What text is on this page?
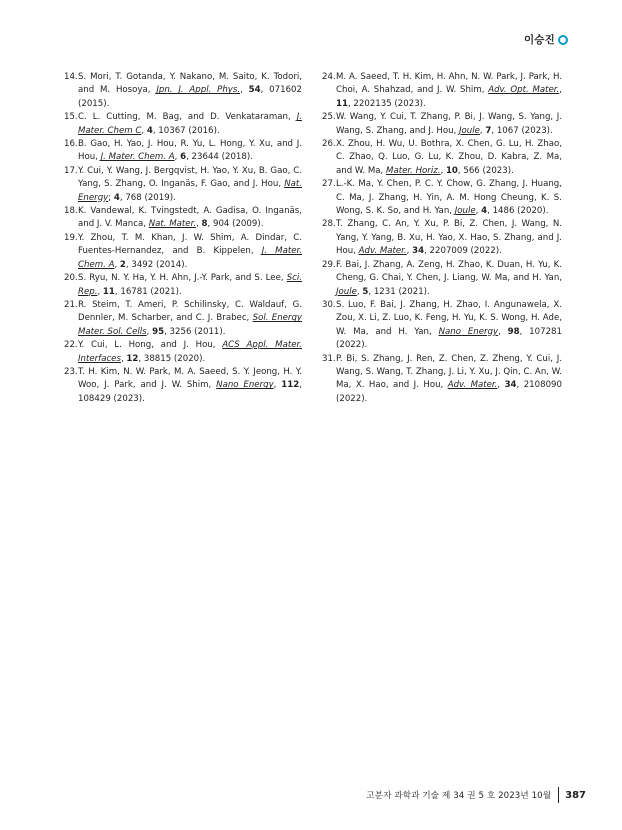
이승진
14. S. Mori, T. Gotanda, Y. Nakano, M. Saito, K. Todori, and M. Hosoya, Jpn. J. Appl. Phys., 54, 071602 (2015).
15. C. L. Cutting, M. Bag, and D. Venkataraman, J. Mater. Chem C, 4, 10367 (2016).
16. B. Gao, H. Yao, J. Hou, R. Yu, L. Hong, Y. Xu, and J. Hou, J. Mater. Chem. A, 6, 23644 (2018).
17. Y. Cui, Y. Wang, J. Bergqvist, H. Yao, Y. Xu, B. Gao, C. Yang, S. Zhang, O. Inganäs, F. Gao, and J. Hou, Nat. Energy; 4, 768 (2019).
18. K. Vandewal, K. Tvingstedt, A. Gadisa, O. Inganäs, and J. V. Manca, Nat. Mater., 8, 904 (2009).
19. Y. Zhou, T. M. Khan, J. W. Shim, A. Dindar, C. Fuentes-Hernandez, and B. Kippelen, J. Mater. Chem. A, 2, 3492 (2014).
20. S. Ryu, N. Y. Ha, Y. H. Ahn, J.-Y. Park, and S. Lee, Sci. Rep., 11, 16781 (2021).
21. R. Steim, T. Ameri, P. Schilinsky, C. Waldauf, G. Dennler, M. Scharber, and C. J. Brabec, Sol. Energy Mater. Sol. Cells, 95, 3256 (2011).
22. Y. Cui, L. Hong, and J. Hou, ACS Appl. Mater. Interfaces, 12, 38815 (2020).
23. T. H. Kim, N. W. Park, M. A. Saeed, S. Y. Jeong, H. Y. Woo, J. Park, and J. W. Shim, Nano Energy, 112, 108429 (2023).
24. M. A. Saeed, T. H. Kim, H. Ahn, N. W. Park, J. Park, H. Choi, A. Shahzad, and J. W. Shim, Adv. Opt. Mater., 11, 2202135 (2023).
25. W. Wang, Y. Cui, T. Zhang, P. Bi, J. Wang, S. Yang, J. Wang, S. Zhang, and J. Hou, Joule, 7, 1067 (2023).
26. X. Zhou, H. Wu, U. Bothra, X. Chen, G. Lu, H. Zhao, C. Zhao, Q. Luo, G. Lu, K. Zhou, D. Kabra, Z. Ma, and W. Ma, Mater. Horiz., 10, 566 (2023).
27. L.-K. Ma, Y. Chen, P. C. Y. Chow, G. Zhang, J. Huang, C. Ma, J. Zhang, H. Yin, A. M. Hong Cheung, K. S. Wong, S. K. So, and H. Yan, Joule, 4, 1486 (2020).
28. T. Zhang, C. An, Y. Xu, P. Bi, Z. Chen, J. Wang, N. Yang, Y. Yang, B. Xu, H. Yao, X. Hao, S. Zhang, and J. Hou, Adv. Mater., 34, 2207009 (2022).
29. F. Bai, J. Zhang, A. Zeng, H. Zhao, K. Duan, H. Yu, K. Cheng, G. Chai, Y. Chen, J. Liang, W. Ma, and H. Yan, Joule, 5, 1231 (2021).
30. S. Luo, F. Bai, J. Zhang, H. Zhao, I. Angunawela, X. Zou, X. Li, Z. Luo, K. Feng, H. Yu, K. S. Wong, H. Ade, W. Ma, and H. Yan, Nano Energy, 98, 107281 (2022).
31. P. Bi, S. Zhang, J. Ren, Z. Chen, Z. Zheng, Y. Cui, J. Wang, S. Wang, T. Zhang, J. Li, Y. Xu, J. Qin, C. An, W. Ma, X. Hao, and J. Hou, Adv. Mater., 34, 2108090 (2022).
고분자 과학과 기술 제 34 권 5 호 2023년 10월 387
